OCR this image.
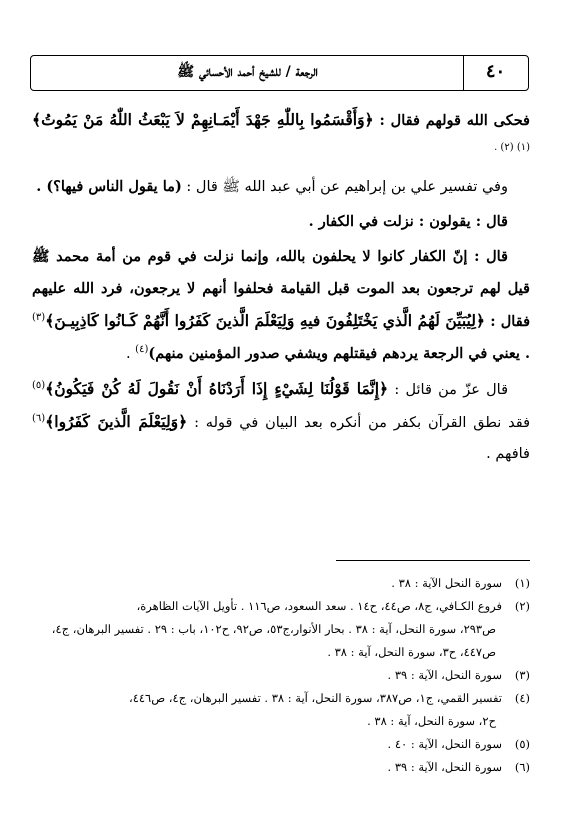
الرجعة / للشيخ أحمد الأحسائي ﷺ	٤٠

فحكى الله قولهم فقال : ﴿وَأَقْسَمُوا بِاللّٰهِ جَهْدَ أَيْمَـانِهِمْ لاَ يَبْعَثُ اللّٰهُ مَنْ يَمُوتُ﴾$^{(١)}$ $^{(٢) .}$

وفي تفسير علي بن إبراهيم عن أبي عبد الله ﷺ قال : (ما يقول الناس فيها؟) .

قال : يقولون : نزلت في الكفار .

قال : إنّ الكفار كانوا لا يحلفون بالله، وإنما نزلت في قوم من أمة محمد ﷺ قيل لهم ترجعون بعد الموت قبل القيامة فحلفوا أنهم لا يرجعون، فرد الله عليهم فقال : ﴿لِيُبَيِّنَ لَهُمُ الَّذي يَخْتَلِفُونَ فيهِ وَلِيَعْلَمَ الَّذينَ كَفَرُوا أَنَّهُمْ كَـانُوا كَاذِبِيـنَ﴾$^{(٣)}$ . يعني في الرجعة يردهم فيقتلهم ويشفي صدور المؤمنين منهم)$^{(٤)}$ .

قال عزّ من قائل : ﴿إِنَّمَا قَوْلُنَا لِشَيْءٍ إِذَا أَرَدْنَاهُ أَنْ نَقُولَ لَهُ كُنْ فَيَكُونُ﴾$^{(٥)}$ فقد نطق القرآن بكفر من أنكره بعد البيان في قوله : ﴿وَلِيَعْلَمَ الَّذينَ كَفَرُوا﴾$^{(٦)}$ فافهم .

(١)
سورة النحل الآية : ٣٨ .
(٢)
فروع الكـافي، ج٨، ص٤٤، ح١٤ . سعد السعود، ص١١٦ . تأويل الآيات الظاهرة،
ص٢٩٣، سورة النحل، آية : ٣٨ . بحار الأنوار،ج٥٣، ص٩٢، ح١٠٢، باب : ٢٩ . تفسير البرهان، ج٤، ص٤٤٧، ح٣، سورة النحل، آية : ٣٨ .
(٣)
سورة النحل، الآية : ٣٩ .
(٤)
تفسير القمي، ج١، ص٣٨٧، سورة النحل، آية : ٣٨ . تفسير البرهان، ج٤، ص٤٤٦،
ح٢، سورة النحل، آية : ٣٨ .
(٥)
سورة النحل، الآية : ٤٠ .
(٦)
سورة النحل، الآية : ٣٩ .
